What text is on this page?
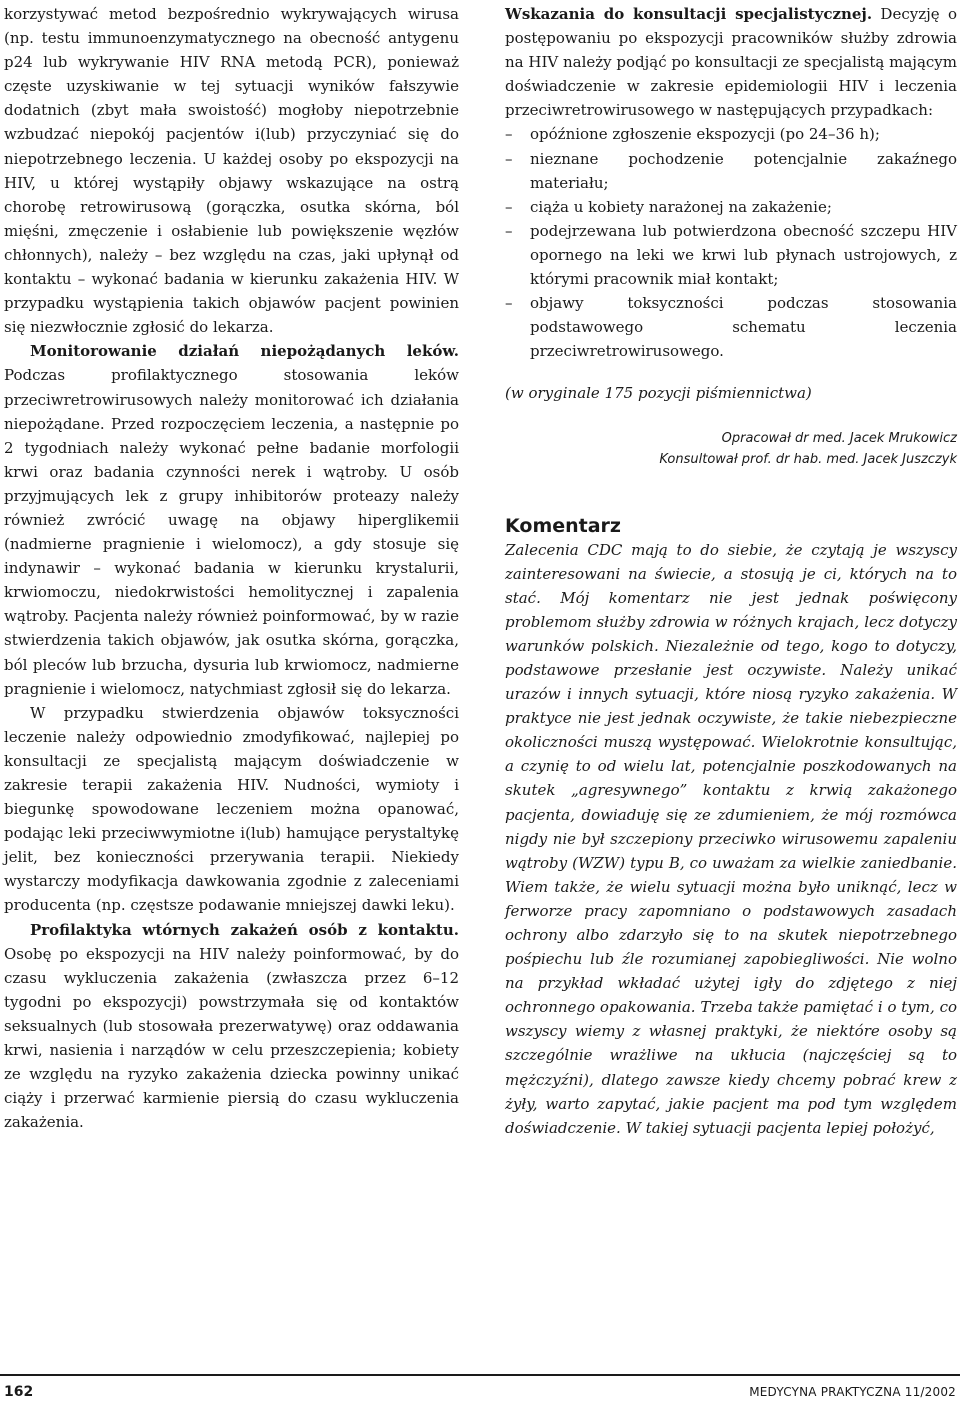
korzystywać metod bezpośrednio wykrywających wirusa (np. testu immunoenzymatycznego na obecność antygenu p24 lub wykrywanie HIV RNA metodą PCR), ponieważ częste uzyskiwanie w tej sytuacji wyników fałszywie dodatnich (zbyt mała swoistość) mogłoby niepotrzebnie wzbudzać niepokój pacjentów i(lub) przyczyniać się do niepotrzebnego leczenia. U każdej osoby po ekspozycji na HIV, u której wystąpiły objawy wskazujące na ostrą chorobę retrowirusową (gorączka, osutka skórna, ból mięśni, zmęczenie i osłabienie lub powiększenie węzłów chłonnych), należy – bez względu na czas, jaki upłynął od kontaktu – wykonać badania w kierunku zakażenia HIV. W przypadku wystąpienia takich objawów pacjent powinien się niezwłocznie zgłosić do lekarza.

Monitorowanie działań niepożądanych leków. Podczas profilaktycznego stosowania leków przeciwretrowirusowych należy monitorować ich działania niepożądane. Przed rozpoczęciem leczenia, a następnie po 2 tygodniach należy wykonać pełne badanie morfologii krwi oraz badania czynności nerek i wątroby. U osób przyjmujących lek z grupy inhibitorów proteazy należy również zwrócić uwagę na objawy hiperglikemii (nadmierne pragnienie i wielomocz), a gdy stosuje się indynawir – wykonać badania w kierunku krystalurii, krwiomoczu, niedokrwistości hemolitycznej i zapalenia wątroby. Pacjenta należy również poinformować, by w razie stwierdzenia takich objawów, jak osutka skórna, gorączka, ból pleców lub brzucha, dysuria lub krwiomocz, nadmierne pragnienie i wielomocz, natychmiast zgłosił się do lekarza.

W przypadku stwierdzenia objawów toksyczności leczenie należy odpowiednio zmodyfikować, najlepiej po konsultacji ze specjalistą mającym doświadczenie w zakresie terapii zakażenia HIV. Nudności, wymioty i biegunkę spowodowane leczeniem można opanować, podając leki przeciwwymiotne i(lub) hamujące perystaltykę jelit, bez konieczności przerywania terapii. Niekiedy wystarczy modyfikacja dawkowania zgodnie z zaleceniami producenta (np. częstsze podawanie mniejszej dawki leku).

Profilaktyka wtórnych zakażeń osób z kontaktu. Osobę po ekspozycji na HIV należy poinformować, by do czasu wykluczenia zakażenia (zwłaszcza przez 6–12 tygodni po ekspozycji) powstrzymała się od kontaktów seksualnych (lub stosowała prezerwatywę) oraz oddawania krwi, nasienia i narządów w celu przeszczepienia; kobiety ze względu na ryzyko zakażenia dziecka powinny unikać ciąży i przerwać karmienie piersią do czasu wykluczenia zakażenia.

Wskazania do konsultacji specjalistycznej. Decyzję o postępowaniu po ekspozycji pracowników służby zdrowia na HIV należy podjąć po konsultacji ze specjalistą mającym doświadczenie w zakresie epidemiologii HIV i leczenia przeciwretrowirusowego w następujących przypadkach:

– opóźnione zgłoszenie ekspozycji (po 24–36 h);
– nieznane pochodzenie potencjalnie zakaźnego materiału;
– ciąża u kobiety narażonej na zakażenie;
– podejrzewana lub potwierdzona obecność szczepu HIV opornego na leki we krwi lub płynach ustrojowych, z którymi pracownik miał kontakt;
– objawy toksyczności podczas stosowania podstawowego schematu leczenia przeciwretrowirusowego.

(w oryginale 175 pozycji piśmiennictwa)

Opracował dr med. Jacek Mrukowicz
Konsultował prof. dr hab. med. Jacek Juszczyk
Komentarz

Zalecenia CDC mają to do siebie, że czytają je wszyscy zainteresowani na świecie, a stosują je ci, których na to stać. Mój komentarz nie jest jednak poświęcony problemom służby zdrowia w różnych krajach, lecz dotyczy warunków polskich. Niezależnie od tego, kogo to dotyczy, podstawowe przesłanie jest oczywiste. Należy unikać urazów i innych sytuacji, które niosą ryzyko zakażenia. W praktyce nie jest jednak oczywiste, że takie niebezpieczne okoliczności muszą występować. Wielokrotnie konsultując, a czynię to od wielu lat, potencjalnie poszkodowanych na skutek „agresywnego” kontaktu z krwią zakażonego pacjenta, dowiaduję się ze zdumieniem, że mój rozmówca nigdy nie był szczepiony przeciwko wirusowemu zapaleniu wątroby (WZW) typu B, co uważam za wielkie zaniedbanie. Wiem także, że wielu sytuacji można było uniknąć, lecz w ferworze pracy zapomniano o podstawowych zasadach ochrony albo zdarzyło się to na skutek niepotrzebnego pośpiechu lub źle rozumianej zapobiegliwości. Nie wolno na przykład wkładać użytej igły do zdjętego z niej ochronnego opakowania. Trzeba także pamiętać i o tym, co wszyscy wiemy z własnej praktyki, że niektóre osoby są szczególnie wrażliwe na ukłucia (najczęściej są to mężczyźni), dlatego zawsze kiedy chcemy pobrać krew z żyły, warto zapytać, jakie pacjent ma pod tym względem doświadczenie. W takiej sytuacji pacjenta lepiej położyć,

162	MEDYCYNA PRAKTYCZNA 11/2002
